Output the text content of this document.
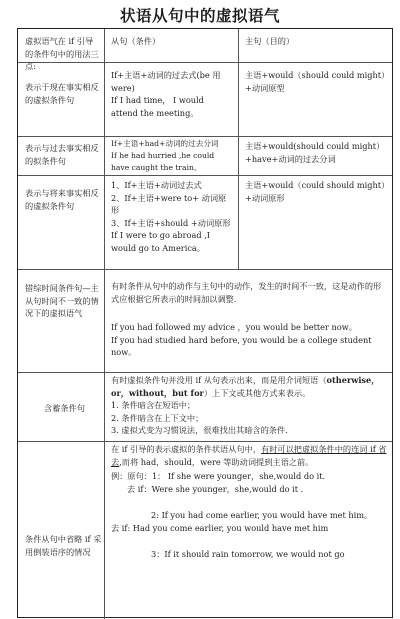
状语从句中的虚拟语气
虚拟语气在 if 引导的条件句中的用法三点:
从句（条件）	主句（目的）
表示于现在事实相反的虚拟条件句

If+主语+动词的过去式(be 用were)

If I had time， I would attend the meeting。

主语+would（should could might）+动词原型

表示与过去事实相反的拟条件句

If+主语+had+动词的过去分词

If he had hurried ,he could have caught the train。

主语+would(should could might）+have+动词的过去分词

表示与将来事实相反的虚拟条件句

1、If+主语+动词过去式

2、If+主语+were to+ 动词原形

3、If+主语+should +动词原形

If I were to go abroad ,I would go to America。

主语+would（could should might）+动词原形

错综时间条件句—主从句时间不一致的情况下的虚拟语气

有时条件从句中的动作与主句中的动作，发生的时间不一致，这是动作的形式应根据它所表示的时间加以调整.

If you had followed my advice ，you would be better now。

If you had studied hard before, you would be a college student now。

含蓄条件句

有时虚拟条件句并没用 if 从句表示出来，而是用介词短语（otherwise，or，without，but for）上下文或其他方式来表示。

1. 条件暗含在短语中；

2. 条件暗含在上下文中；

3. 虚拟式变为习惯说法，很难找出其暗含的条件.

条件从句中省略 if 采用倒装语序的情况

在 if 引导的表示虚拟的条件状语从句中，有时可以把虚拟条件中的连词 if 省去,而将 had，should，were 等助动词提到主语之前。

例：原句：1： If she were younger，she,would do it.

去 if：Were she younger，she,would do it .

2: If you had come earlier, you would have met him。

去 if: Had you come earlier, you would have met him

3：If it should rain tomorrow, we would not go
